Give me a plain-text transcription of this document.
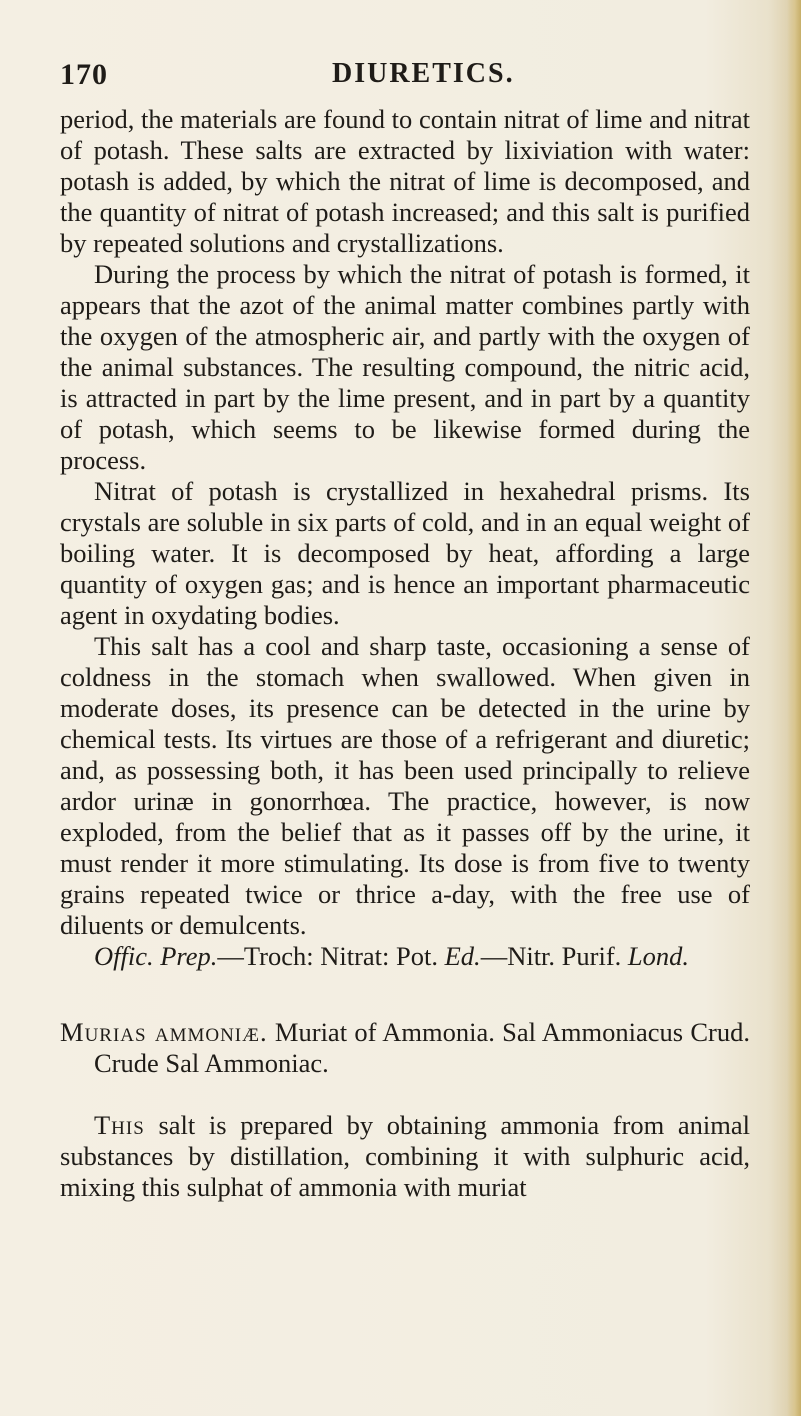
170	DIURETICS.

period, the materials are found to contain nitrat of lime and nitrat of potash. These salts are extracted by lixiviation with water: potash is added, by which the nitrat of lime is decomposed, and the quantity of nitrat of potash increased; and this salt is purified by repeated solutions and crystallizations.

During the process by which the nitrat of potash is formed, it appears that the azot of the animal matter combines partly with the oxygen of the atmospheric air, and partly with the oxygen of the animal substances. The resulting compound, the nitric acid, is attracted in part by the lime present, and in part by a quantity of potash, which seems to be likewise formed during the process.

Nitrat of potash is crystallized in hexahedral prisms. Its crystals are soluble in six parts of cold, and in an equal weight of boiling water. It is decomposed by heat, affording a large quantity of oxygen gas; and is hence an important pharmaceutic agent in oxydating bodies.

This salt has a cool and sharp taste, occasioning a sense of coldness in the stomach when swallowed. When given in moderate doses, its presence can be detected in the urine by chemical tests. Its virtues are those of a refrigerant and diuretic; and, as possessing both, it has been used principally to relieve ardor urinæ in gonorrhœa. The practice, however, is now exploded, from the belief that as it passes off by the urine, it must render it more stimulating. Its dose is from five to twenty grains repeated twice or thrice a-day, with the free use of diluents or demulcents.

Offic. Prep.—Troch: Nitrat: Pot. Ed.—Nitr. Purif. Lond.

Murias ammoniæ. Muriat of Ammonia. Sal Ammoniacus Crud. Crude Sal Ammoniac.

This salt is prepared by obtaining ammonia from animal substances by distillation, combining it with sulphuric acid, mixing this sulphat of ammonia with muriat
